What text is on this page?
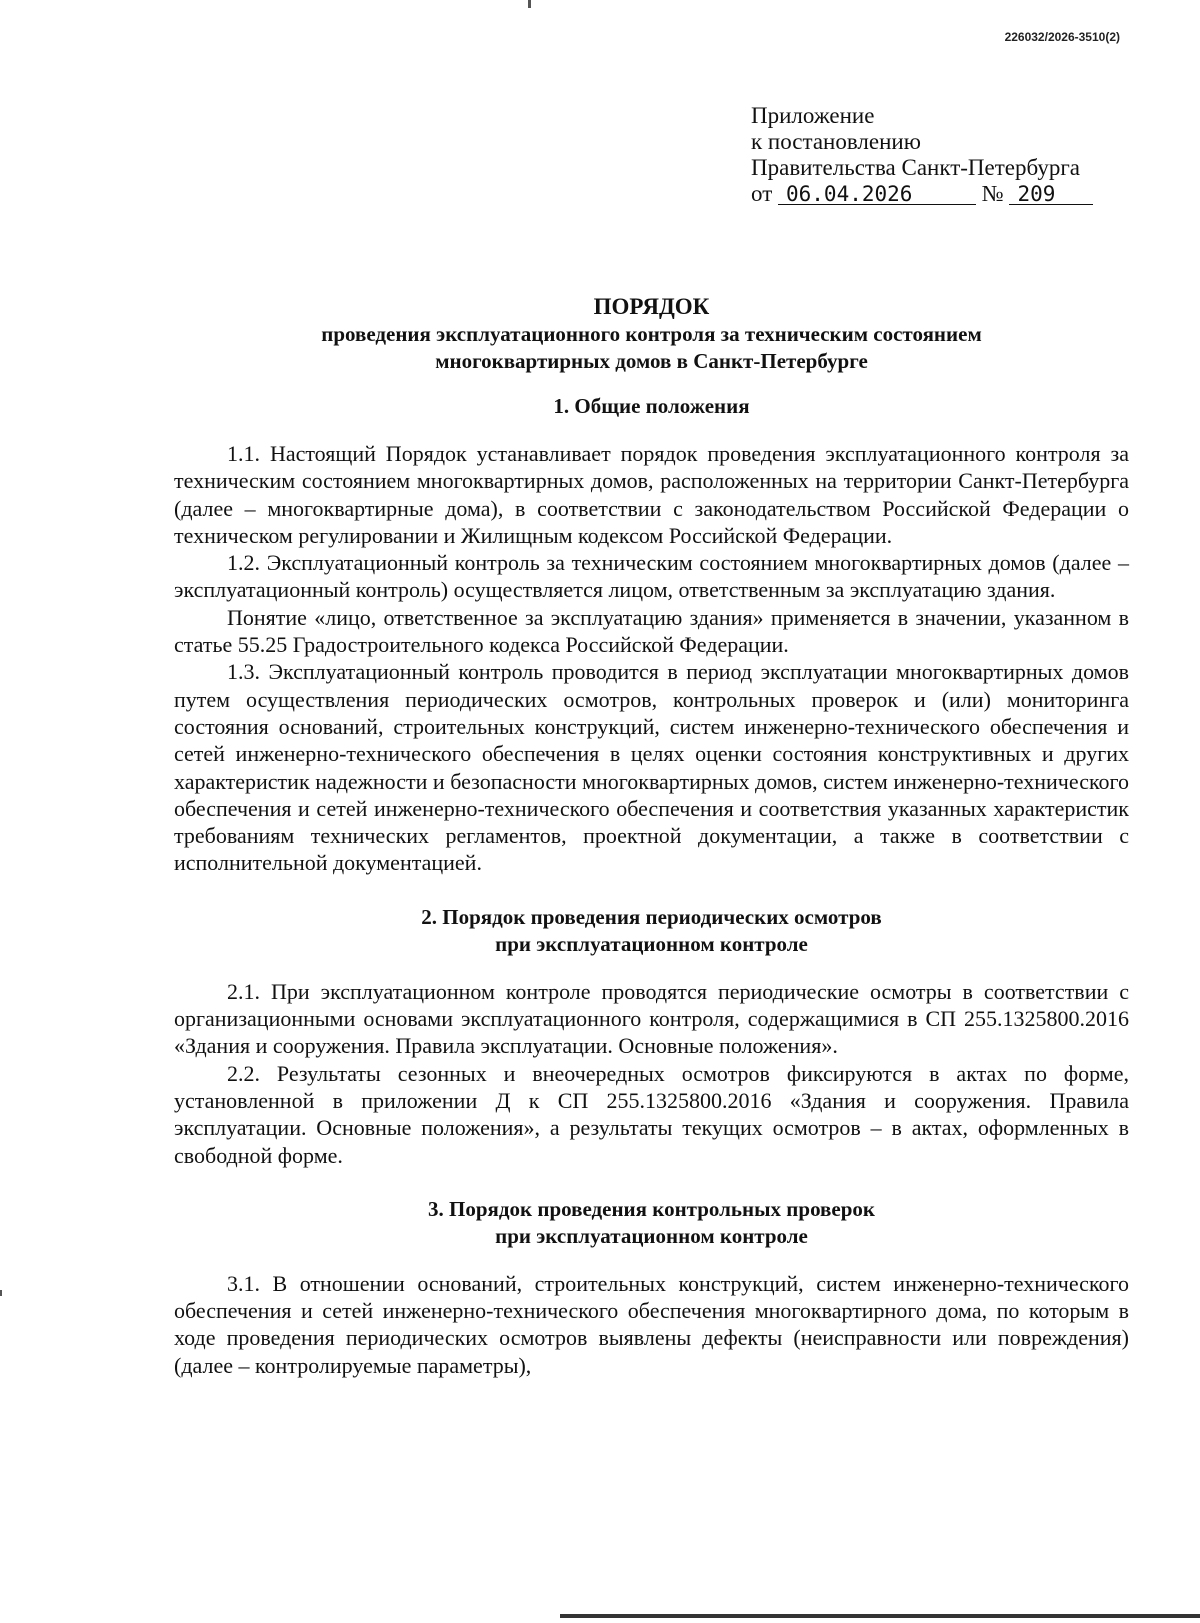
226032/2026-3510(2)
Приложение
к постановлению
Правительства Санкт-Петербурга
от 06.04.2026	№ 209
ПОРЯДОК
проведения эксплуатационного контроля за техническим состоянием
многоквартирных домов в Санкт-Петербурге
1. Общие положения

1.1. Настоящий Порядок устанавливает порядок проведения эксплуатационного контроля за техническим состоянием многоквартирных домов, расположенных на территории Санкт-Петербурга (далее – многоквартирные дома), в соответствии с законодательством Российской Федерации о техническом регулировании и Жилищным кодексом Российской Федерации.

1.2. Эксплуатационный контроль за техническим состоянием многоквартирных домов (далее – эксплуатационный контроль) осуществляется лицом, ответственным за эксплуатацию здания.

Понятие «лицо, ответственное за эксплуатацию здания» применяется в значении, указанном в статье 55.25 Градостроительного кодекса Российской Федерации.

1.3. Эксплуатационный контроль проводится в период эксплуатации многоквартирных домов путем осуществления периодических осмотров, контрольных проверок и (или) мониторинга состояния оснований, строительных конструкций, систем инженерно-технического обеспечения и сетей инженерно-технического обеспечения в целях оценки состояния конструктивных и других характеристик надежности и безопасности многоквартирных домов, систем инженерно-технического обеспечения и сетей инженерно-технического обеспечения и соответствия указанных характеристик требованиям технических регламентов, проектной документации, а также в соответствии с исполнительной документацией.

2. Порядок проведения периодических осмотров
при эксплуатационном контроле

2.1. При эксплуатационном контроле проводятся периодические осмотры в соответствии с организационными основами эксплуатационного контроля, содержащимися в СП 255.1325800.2016 «Здания и сооружения. Правила эксплуатации. Основные положения».

2.2. Результаты сезонных и внеочередных осмотров фиксируются в актах по форме, установленной в приложении Д к СП 255.1325800.2016 «Здания и сооружения. Правила эксплуатации. Основные положения», а результаты текущих осмотров – в актах, оформленных в свободной форме.

3. Порядок проведения контрольных проверок
при эксплуатационном контроле

3.1. В отношении оснований, строительных конструкций, систем инженерно-технического обеспечения и сетей инженерно-технического обеспечения многоквартирного дома, по которым в ходе проведения периодических осмотров выявлены дефекты (неисправности или повреждения) (далее – контролируемые параметры),
